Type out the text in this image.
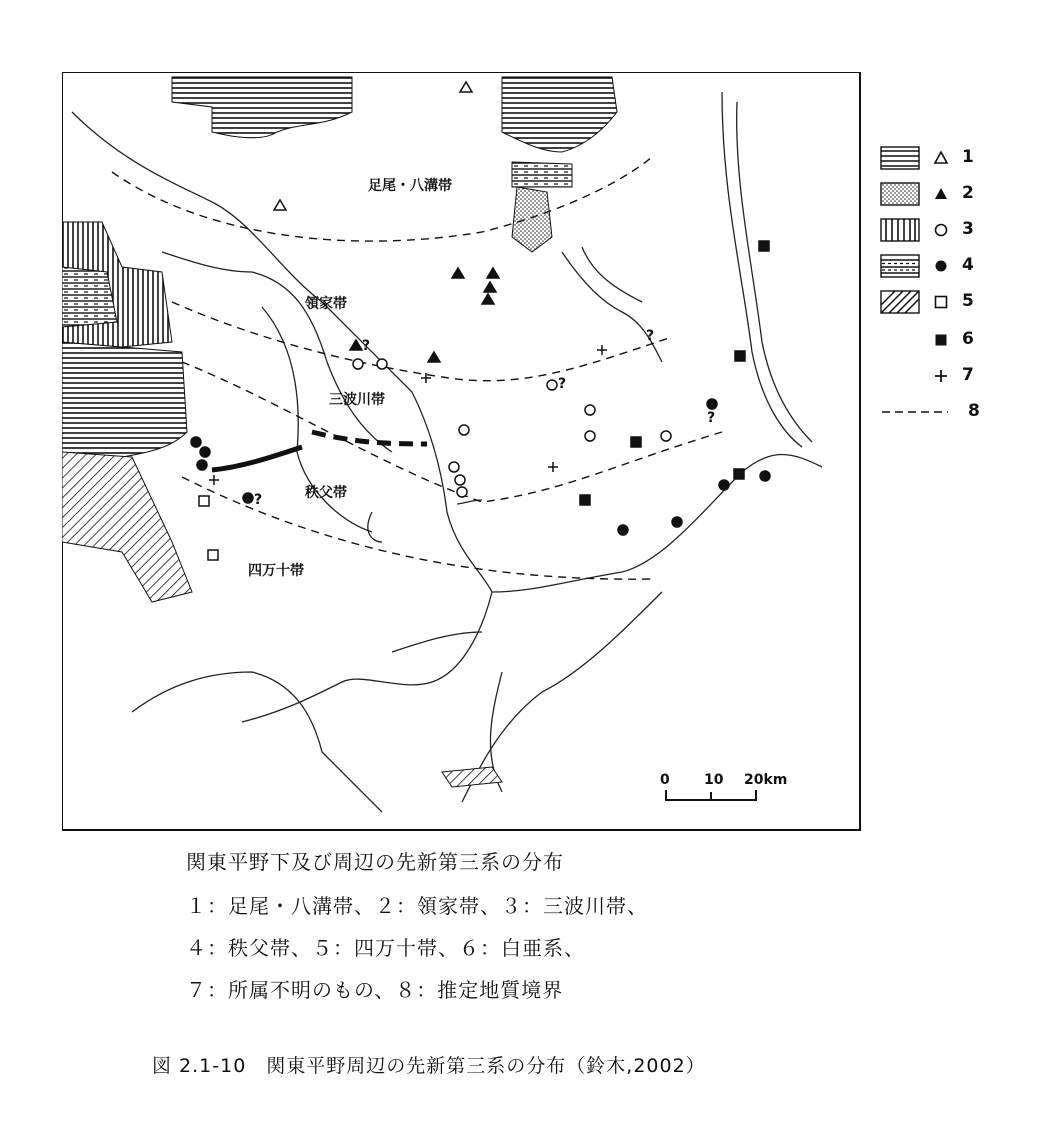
足尾・八溝帯
領家帯
三波川帯
秩父帯
四万十帯
?
?
?
?
?
0 10 20km
1
2
3
4
5
6
7
8
関東平野下及び周辺の先新第三系の分布
１：足尾・八溝帯、２：領家帯、３：三波川帯、
４：秩父帯、５：四万十帯、６：白亜系、
７：所属不明のもの、８：推定地質境界
図 2.1-10　関東平野周辺の先新第三系の分布（鈴木,2002）
